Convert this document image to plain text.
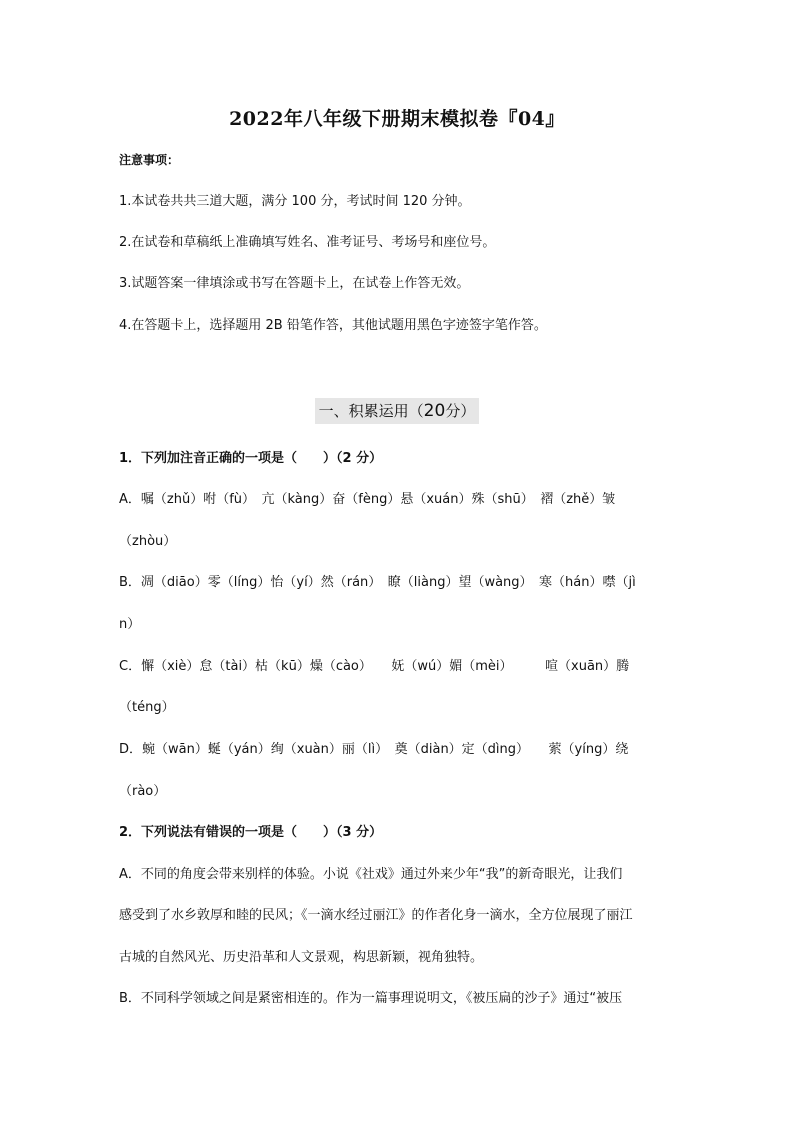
2022年八年级下册期末模拟卷『04』
注意事项：
1.本试卷共共三道大题，满分 100 分，考试时间 120 分钟。
2.在试卷和草稿纸上准确填写姓名、准考证号、考场号和座位号。
3.试题答案一律填涂或书写在答题卡上，在试卷上作答无效。
4.在答题卡上，选择题用 2B 铅笔作答，其他试题用黑色字迹签字笔作答。
一、积累运用（20分）
1．下列加注音正确的一项是（　　）（2 分）
A．嘱（zhǔ）咐（fù）　亢（kàng）奋（fèng）悬（xuán）殊（shū）　褶（zhě）皱
（zhòu）
B．凋（diāo）零（líng）怡（yí）然（rán）　瞭（liàng）望（wàng）　寒（hán）噤（jì
n）
C．懈（xiè）怠（tài）枯（kū）燥（cào）　　妩（wú）媚（mèi）　　　喧（xuān）腾
（téng）
D．蜿（wān）蜒（yán）绚（xuàn）丽（lì）　奠（diàn）定（dìng）　　萦（yíng）绕
（rào）
2．下列说法有错误的一项是（　　）（3 分）
A．不同的角度会带来别样的体验。小说《社戏》通过外来少年“我”的新奇眼光，让我们
感受到了水乡敦厚和睦的民风；《一滴水经过丽江》的作者化身一滴水，全方位展现了丽江
古城的自然风光、历史沿革和人文景观，构思新颖，视角独特。
B．不同科学领域之间是紧密相连的。作为一篇事理说明文，《被压扁的沙子》通过“被压
